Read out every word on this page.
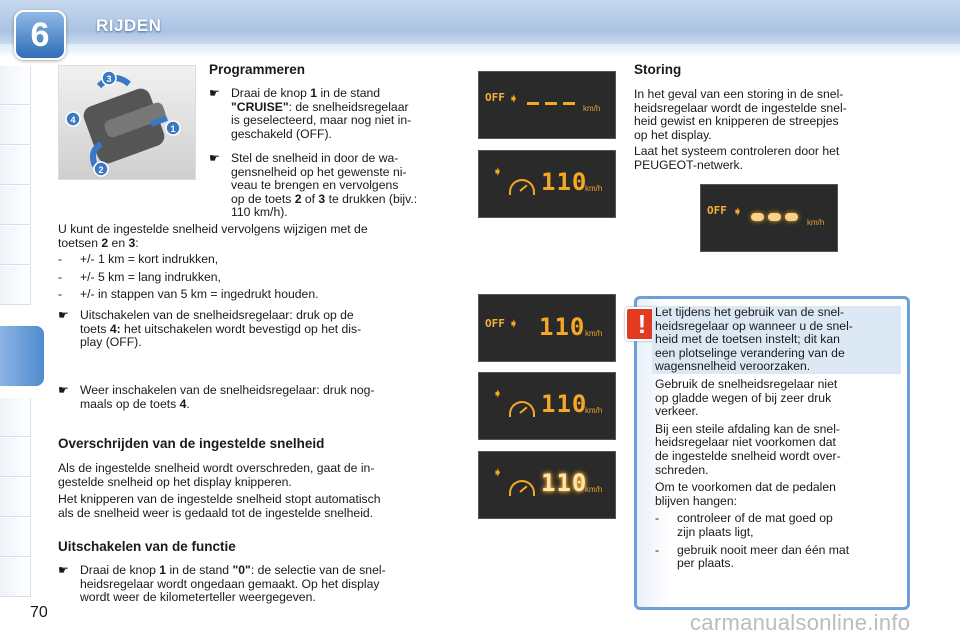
6	RIJDEN
70
3
4
1
2
Programmeren
☛ Draai de knop 1 in de stand
"CRUISE": de snelheidsregelaar
is geselecteerd, maar nog niet in-
geschakeld (OFF).
☛ Stel de snelheid in door de wa-
gensnelheid op het gewenste ni-
veau te brengen en vervolgens
op de toets 2 of 3 te drukken (bijv.:
110 km/h).
U kunt de ingestelde snelheid vervolgens wijzigen met de
toetsen 2 en 3:
- +/- 1 km = kort indrukken,
- +/- 5 km = lang indrukken,
- +/- in stappen van 5 km = ingedrukt houden.
☛ Uitschakelen van de snelheidsregelaar: druk op de
toets 4: het uitschakelen wordt bevestigd op het dis-
play (OFF).
☛ Weer inschakelen van de snelheidsregelaar: druk nog-
maals op de toets 4.
Overschrijden van de ingestelde snelheid
Als de ingestelde snelheid wordt overschreden, gaat de in-
gestelde snelheid op het display knipperen.
Het knipperen van de ingestelde snelheid stopt automatisch
als de snelheid weer is gedaald tot de ingestelde snelheid.
Uitschakelen van de functie
☛ Draai de knop 1 in de stand "0": de selectie van de snel-
heidsregelaar wordt ongedaan gemaakt. Op het display
wordt weer de kilometerteller weergegeven.
OFF ➧
km/h
➧ 110
km/h
OFF ➧
km/h
OFF ➧ 110 km/h
➧ 110
km/h
➧ 110
km/h
Storing
In het geval van een storing in de snel-
heidsregelaar wordt de ingestelde snel-
heid gewist en knipperen de streepjes
op het display.
Laat het systeem controleren door het
PEUGEOT-netwerk.
! Let tijdens het gebruik van de snel-
heidsregelaar op wanneer u de snel-
heid met de toetsen instelt; dit kan
een plotselinge verandering van de
wagensnelheid veroorzaken.
Gebruik de snelheidsregelaar niet
op gladde wegen of bij zeer druk
verkeer.
Bij een steile afdaling kan de snel-
heidsregelaar niet voorkomen dat
de ingestelde snelheid wordt over-
schreden.
Om te voorkomen dat de pedalen
blijven hangen:
- controleer of de mat goed op
zijn plaats ligt,
- gebruik nooit meer dan één mat
per plaats.
carmanualsonline.info
